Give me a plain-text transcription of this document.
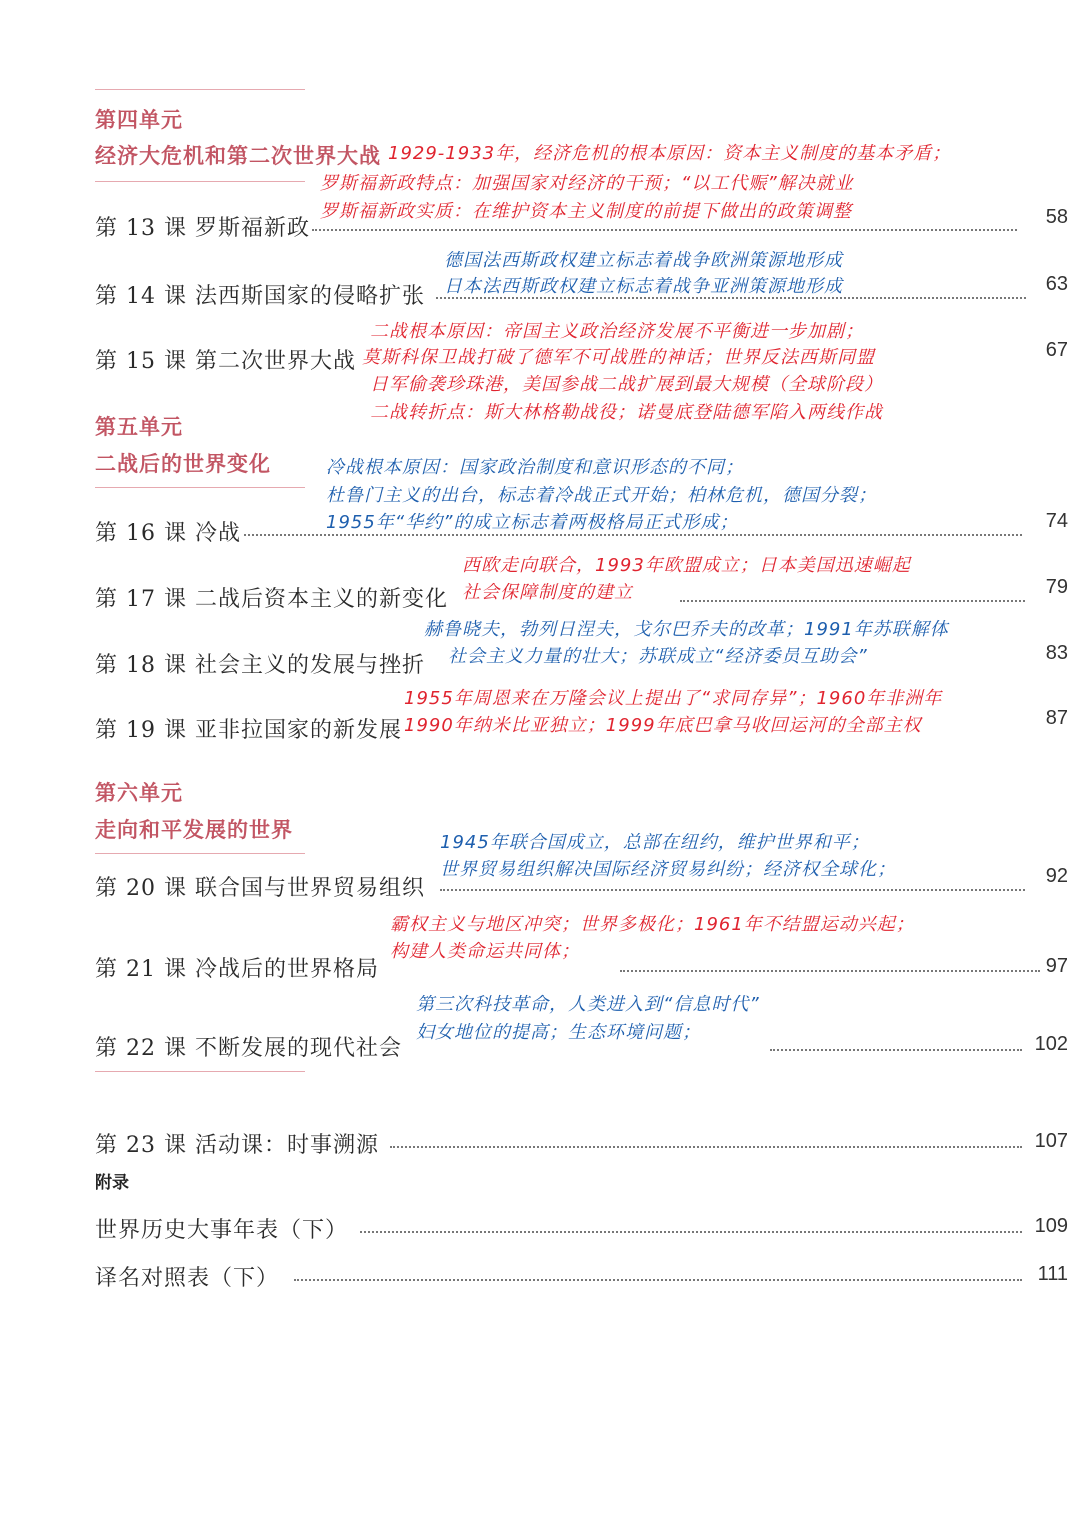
第四单元
经济大危机和第二次世界大战 1929-1933年，经济危机的根本原因：资本主义制度的基本矛盾；
罗斯福新政特点：加强国家对经济的干预；“以工代赈”解决就业
罗斯福新政实质：在维护资本主义制度的前提下做出的政策调整
第 13 课 罗斯福新政	58
德国法西斯政权建立标志着战争欧洲策源地形成
日本法西斯政权建立标志着战争亚洲策源地形成
第 14 课 法西斯国家的侵略扩张	63
二战根本原因：帝国主义政治经济发展不平衡进一步加剧；
莫斯科保卫战打破了德军不可战胜的神话；世界反法西斯同盟
第 15 课 第二次世界大战	67
日军偷袭珍珠港，美国参战二战扩展到最大规模（全球阶段）
二战转折点：斯大林格勒战役；诺曼底登陆德军陷入两线作战
第五单元
二战后的世界变化	冷战根本原因：国家政治制度和意识形态的不同；
杜鲁门主义的出台，标志着冷战正式开始；柏林危机，德国分裂；
1955年“华约”的成立标志着两极格局正式形成；
第 16 课 冷战	74
西欧走向联合，1993年欧盟成立；日本美国迅速崛起
社会保障制度的建立
第 17 课 二战后资本主义的新变化	79
赫鲁晓夫，勃列日涅夫，戈尔巴乔夫的改革；1991年苏联解体
社会主义力量的壮大；苏联成立“经济委员互助会”
第 18 课 社会主义的发展与挫折	83
1955年周恩来在万隆会议上提出了“求同存异”；1960年非洲年
1990年纳米比亚独立；1999年底巴拿马收回运河的全部主权
第 19 课 亚非拉国家的新发展	87
第六单元
走向和平发展的世界
1945年联合国成立，总部在纽约，维护世界和平；
世界贸易组织解决国际经济贸易纠纷；经济权全球化；
第 20 课 联合国与世界贸易组织	92
霸权主义与地区冲突；世界多极化；1961年不结盟运动兴起；
构建人类命运共同体；
第 21 课 冷战后的世界格局	97
第三次科技革命，人类进入到“信息时代”
妇女地位的提高；生态环境问题；
第 22 课 不断发展的现代社会	102
第 23 课 活动课：时事溯源	107
附录
世界历史大事年表（下）	109
译名对照表（下）	111
